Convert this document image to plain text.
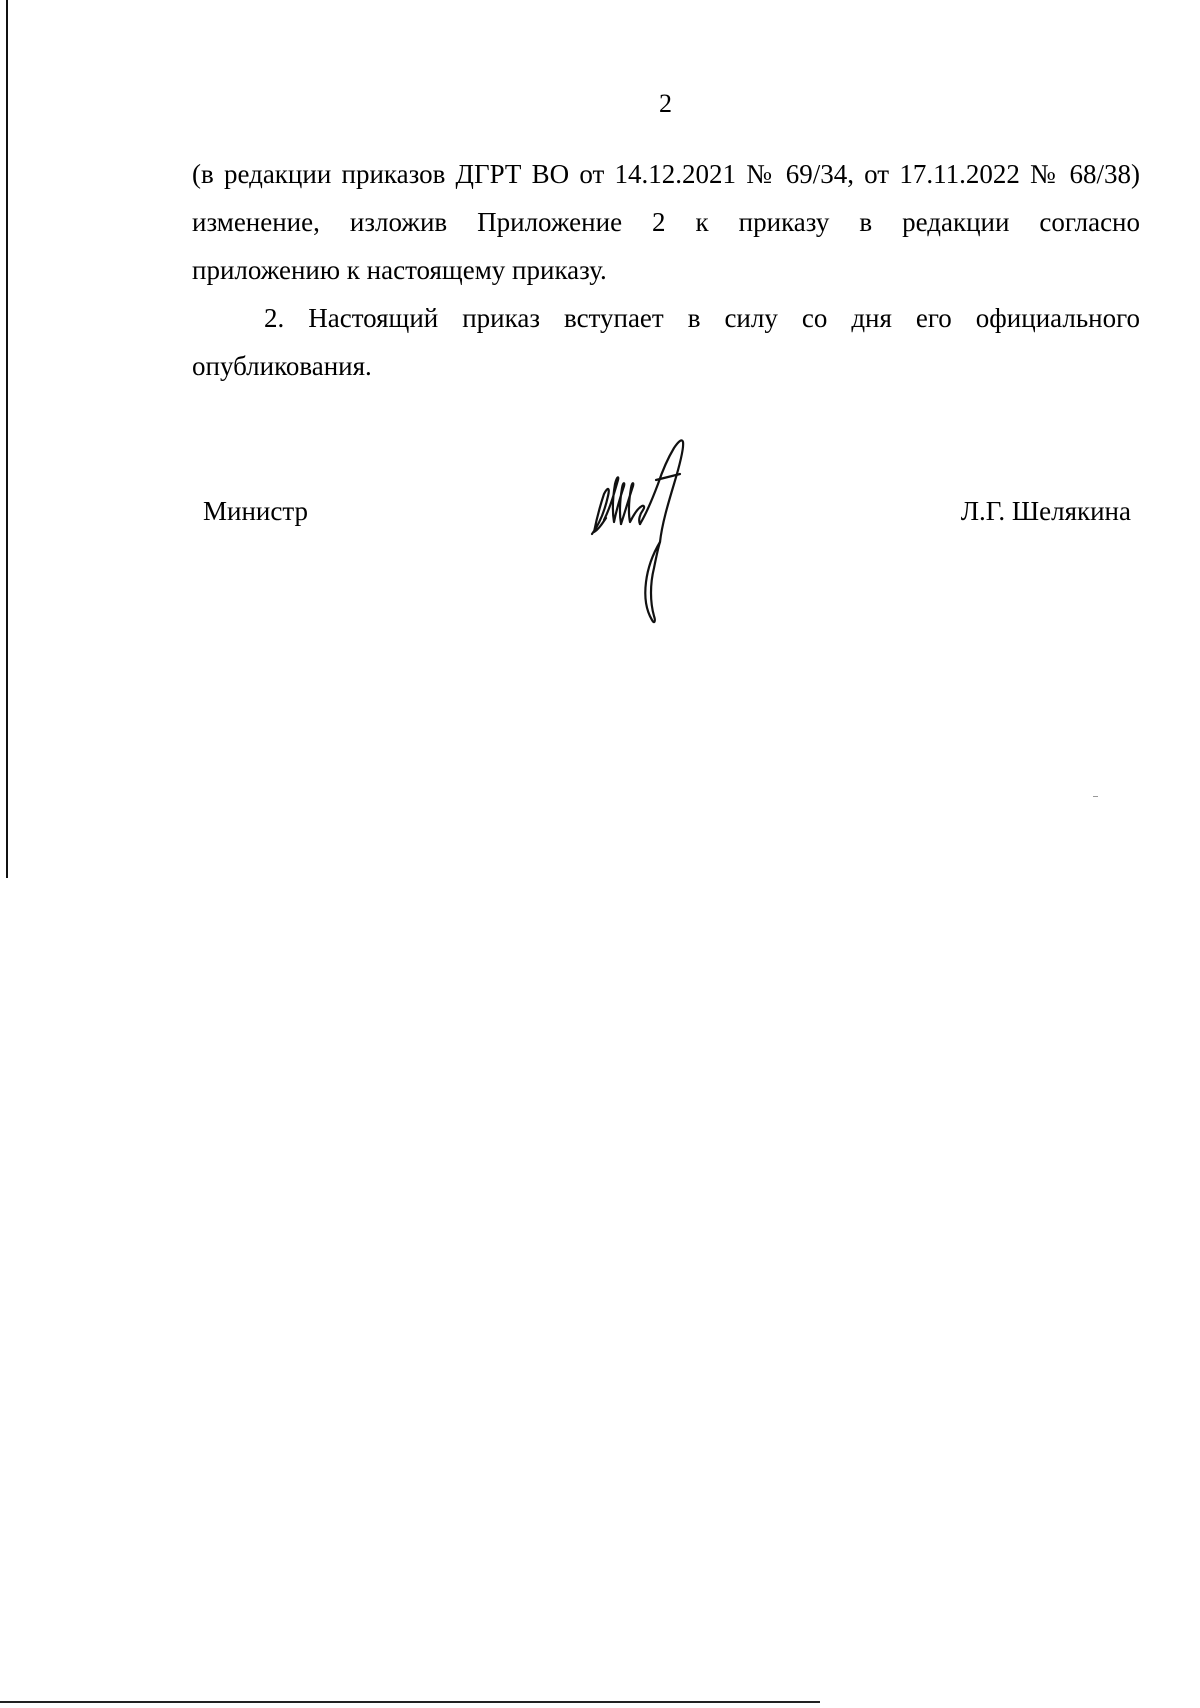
2

(в редакции приказов ДГРТ ВО от 14.12.2021 № 69/34, от 17.11.2022 № 68/38)
изменение, изложив Приложение 2 к приказу в редакции согласно
приложению к настоящему приказу.

2. Настоящий приказ вступает в силу со дня его официального
опубликования.

Министр	Л.Г. Шелякина
